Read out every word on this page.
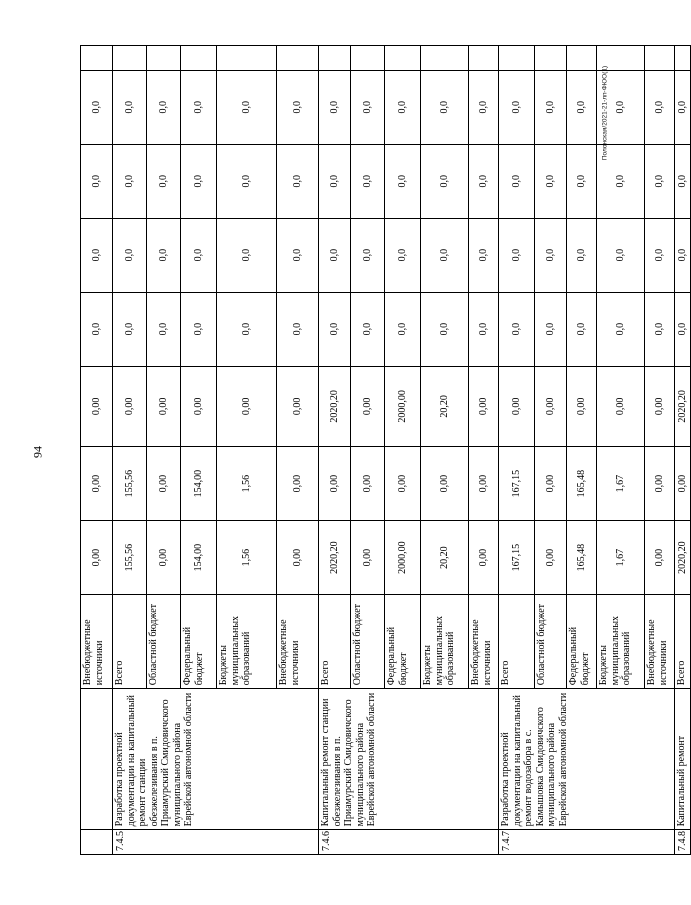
94
Полонская/2021-21-лп-ФЮО(1)
		Внебюджетные источники	0,00	0,00	0,00	0,0	0,0	0,0	0,0	
7.4.5	Разработка проектной документации на капитальный ремонт станции обезжелезивания в п. Приамурский Смидовичского муниципального района Еврейской автономной области	Всего	155,56	155,56	0,00	0,0	0,0	0,0	0,0	
		Областной бюджет	0,00	0,00	0,00	0,0	0,0	0,0	0,0	
		Федеральный бюджет	154,00	154,00	0,00	0,0	0,0	0,0	0,0	
		Бюджеты муниципальных образований	1,56	1,56	0,00	0,0	0,0	0,0	0,0	
		Внебюджетные источники	0,00	0,00	0,00	0,0	0,0	0,0	0,0	
7.4.6	Капитальный ремонт станции обезжелезивания в п. Приамурский Смидовичского муниципального района Еврейской автономной области	Всего	2020,20	0,00	2020,20	0,0	0,0	0,0	0,0	
		Областной бюджет	0,00	0,00	0,00	0,0	0,0	0,0	0,0	
		Федеральный бюджет	2000,00	0,00	2000,00	0,0	0,0	0,0	0,0	
		Бюджеты муниципальных образований	20,20	0,00	20,20	0,0	0,0	0,0	0,0	
		Внебюджетные источники	0,00	0,00	0,00	0,0	0,0	0,0	0,0	
7.4.7	Разработка проектной документации на капитальный ремонт водозабора в с. Камышовка Смидовичского муниципального района Еврейской автономной области	Всего	167,15	167,15	0,00	0,0	0,0	0,0	0,0	
		Областной бюджет	0,00	0,00	0,00	0,0	0,0	0,0	0,0	
		Федеральный бюджет	165,48	165,48	0,00	0,0	0,0	0,0	0,0	
		Бюджеты муниципальных образований	1,67	1,67	0,00	0,0	0,0	0,0	0,0	
		Внебюджетные источники	0,00	0,00	0,00	0,0	0,0	0,0	0,0	
7.4.8	Капитальный ремонт	Всего	2020,20	0,00	2020,20	0,0	0,0	0,0	0,0	
